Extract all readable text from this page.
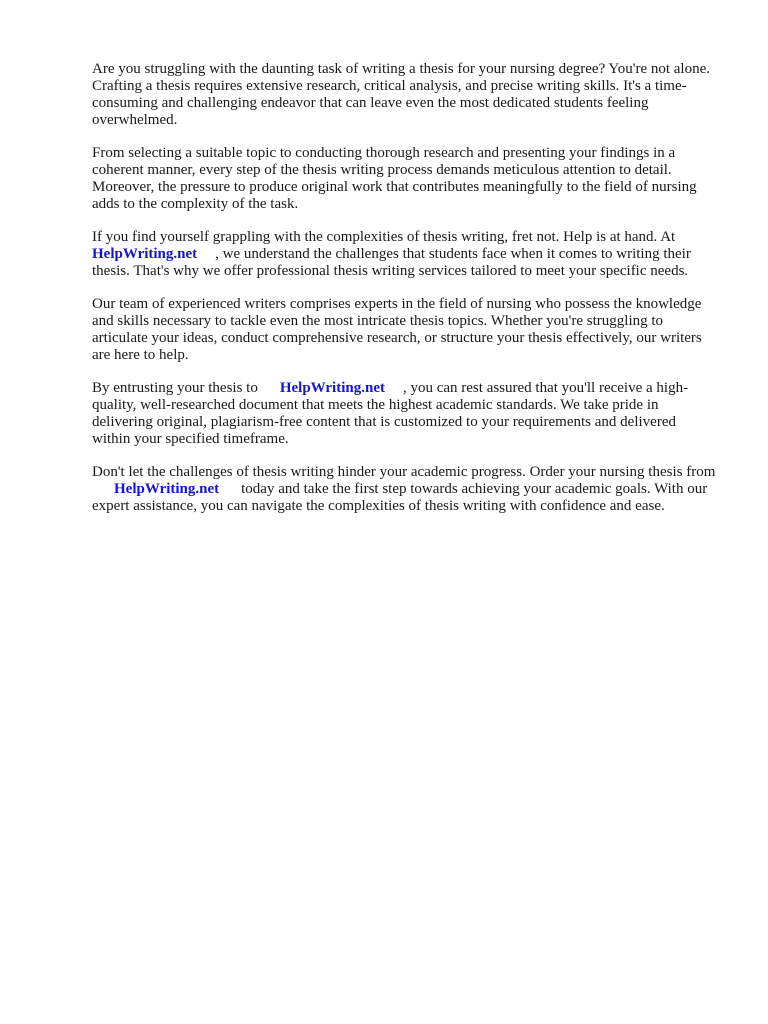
Are you struggling with the daunting task of writing a thesis for your nursing degree? You're not alone. Crafting a thesis requires extensive research, critical analysis, and precise writing skills. It's a time-consuming and challenging endeavor that can leave even the most dedicated students feeling overwhelmed.

From selecting a suitable topic to conducting thorough research and presenting your findings in a coherent manner, every step of the thesis writing process demands meticulous attention to detail. Moreover, the pressure to produce original work that contributes meaningfully to the field of nursing adds to the complexity of the task.

If you find yourself grappling with the complexities of thesis writing, fret not. Help is at hand. At HelpWriting.net , we understand the challenges that students face when it comes to writing their thesis. That's why we offer professional thesis writing services tailored to meet your specific needs.

Our team of experienced writers comprises experts in the field of nursing who possess the knowledge and skills necessary to tackle even the most intricate thesis topics. Whether you're struggling to articulate your ideas, conduct comprehensive research, or structure your thesis effectively, our writers are here to help.

By entrusting your thesis to HelpWriting.net , you can rest assured that you'll receive a high-quality, well-researched document that meets the highest academic standards. We take pride in delivering original, plagiarism-free content that is customized to your requirements and delivered within your specified timeframe.

Don't let the challenges of thesis writing hinder your academic progress. Order your nursing thesis fromHelpWriting.net today and take the first step towards achieving your academic goals. With our expert assistance, you can navigate the complexities of thesis writing with confidence and ease.
